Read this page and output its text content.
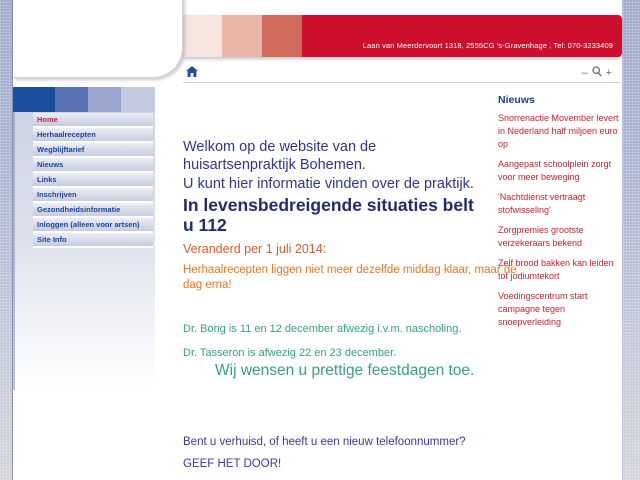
Laan van Meerdervoort 1318, 2555CG 's-Gravenhage , Tel: 070-3233409
– +
Home
Herhaalrecepten
Wegblijftarief
Nieuws
Links
Inschrijven
Gezondheidsinformatie
Inloggen (alleen voor artsen)
Site Info

Welkom op de website van de huisartsenpraktijk Bohemen.

U kunt hier informatie vinden over de praktijk.

In levensbedreigende situaties belt u 112

Veranderd per 1 juli 2014:

Herhaalrecepten liggen niet meer dezelfde middag klaar, maar de dag erna!

Dr. Bong is 11 en 12 december afwezig i.v.m. nascholing.

Dr. Tasseron is afwezig 22 en 23 december.

Wij wensen u prettige feestdagen toe.

Bent u verhuisd, of heeft u een nieuw telefoonnummer?

GEEF HET DOOR!

Nieuws
Snorrenactie Movember levert in Nederland half miljoen euro op
Aangepast schoolplein zorgt voor meer beweging
'Nachtdienst vertraagt stofwisseling'
Zorgpremies grootste verzekeraars bekend
Zelf brood bakken kan leiden tot jodiumtekort
Voedingscentrum start campagne tegen snoepverleiding
